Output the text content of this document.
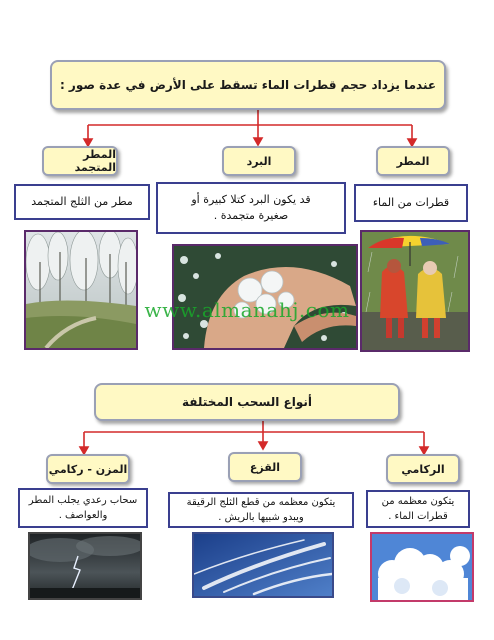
عندما يزداد حجم قطرات الماء تسقط على الأرض في عدة صور :
المطر
البرد
المطر المتجمد
قطرات من الماء
قد يكون البرد كتلا كبيرة أو صغيرة متجمدة .
مطر من الثلج المتجمد
www.almanahj.com
أنواع السحب المختلفة
الركامي
القزع
المزن - ركامي
يتكون معظمه من قطرات الماء .
يتكون معظمه من قطع الثلج الرقيقة ويبدو شبيها بالريش .
سحاب رعدي يجلب المطر والعواصف .
